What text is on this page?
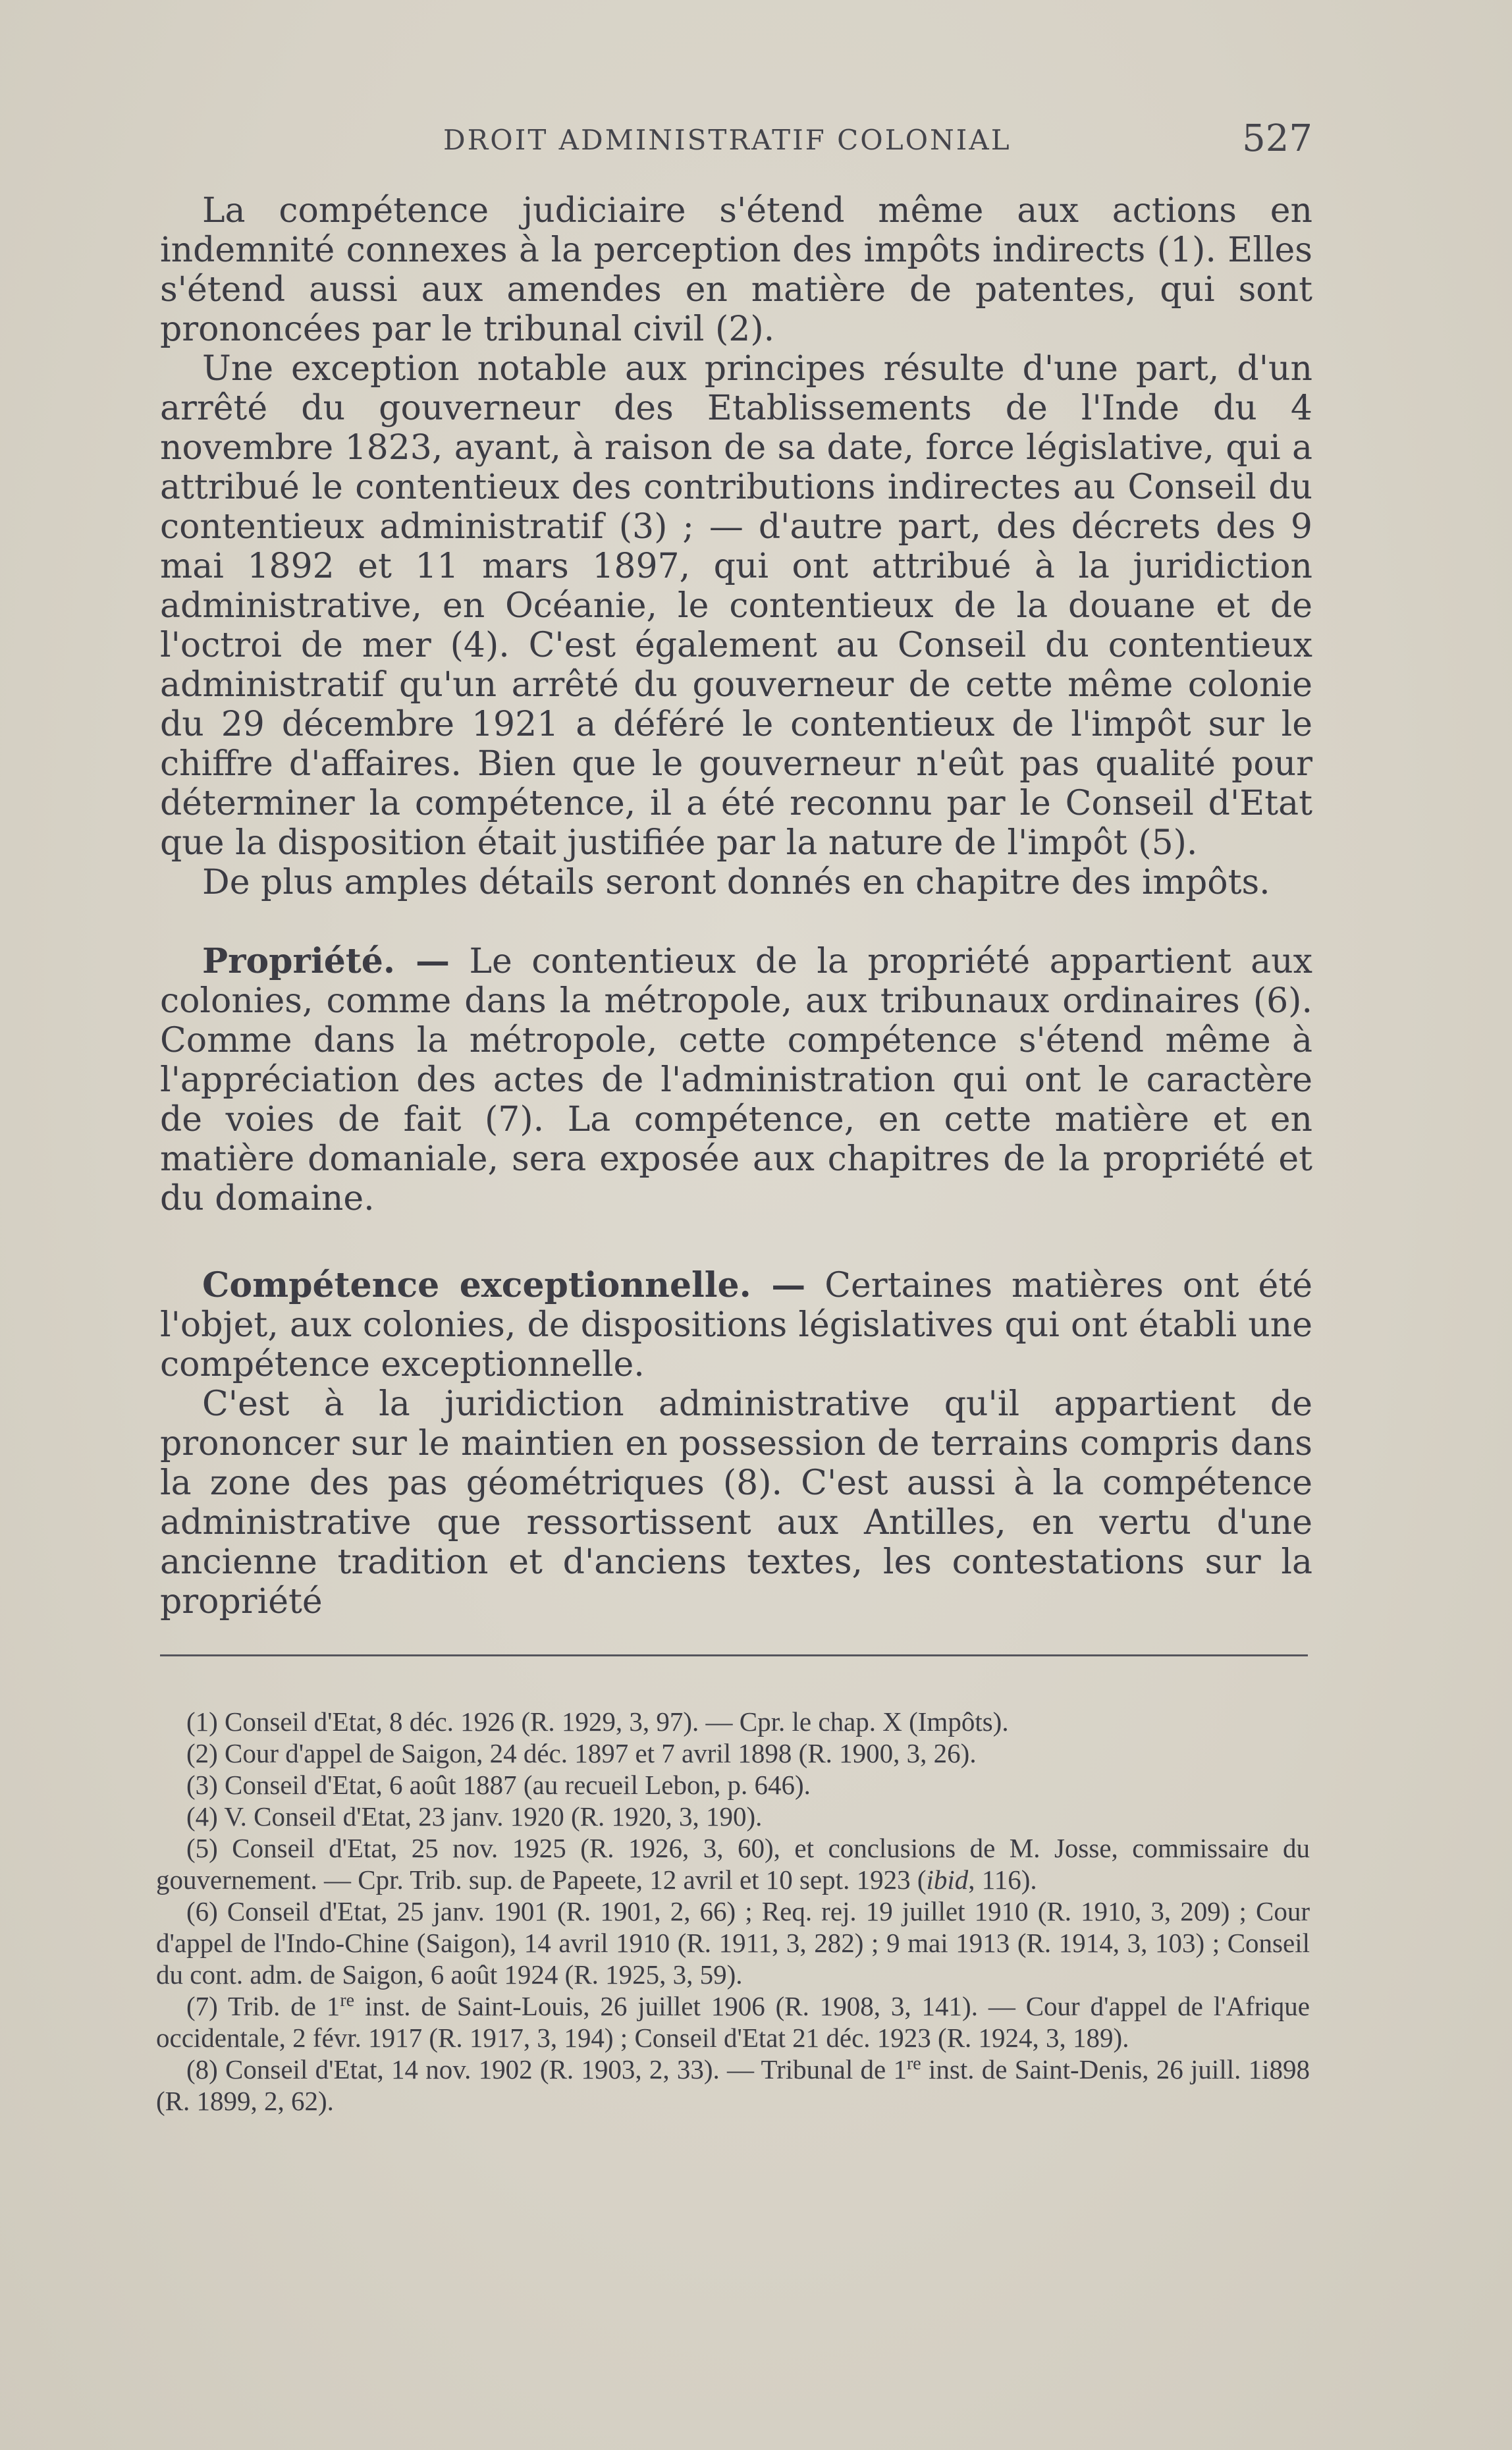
DROIT ADMINISTRATIF COLONIAL	527

La compétence judiciaire s'étend même aux actions en indemnité connexes à la perception des impôts indirects (1). Elles s'étend aussi aux amendes en matière de patentes, qui sont prononcées par le tribunal civil (2).

Une exception notable aux principes résulte d'une part, d'un arrêté du gouverneur des Etablissements de l'Inde du 4 novembre 1823, ayant, à raison de sa date, force législative, qui a attribué le contentieux des contributions indirectes au Conseil du contentieux administratif (3) ; — d'autre part, des décrets des 9 mai 1892 et 11 mars 1897, qui ont attribué à la juridiction administrative, en Océanie, le contentieux de la douane et de l'octroi de mer (4). C'est également au Conseil du contentieux administratif qu'un arrêté du gouverneur de cette même colonie du 29 décembre 1921 a déféré le contentieux de l'impôt sur le chiffre d'affaires. Bien que le gouverneur n'eût pas qualité pour déterminer la compétence, il a été reconnu par le Conseil d'Etat que la disposition était justifiée par la nature de l'impôt (5).

De plus amples détails seront donnés en chapitre des impôts.

Propriété. — Le contentieux de la propriété appartient aux colonies, comme dans la métropole, aux tribunaux ordinaires (6). Comme dans la métropole, cette compétence s'étend même à l'appréciation des actes de l'administration qui ont le caractère de voies de fait (7). La compétence, en cette matière et en matière domaniale, sera exposée aux chapitres de la propriété et du domaine.

Compétence exceptionnelle. — Certaines matières ont été l'objet, aux colonies, de dispositions législatives qui ont établi une compétence exceptionnelle.

C'est à la juridiction administrative qu'il appartient de prononcer sur le maintien en possession de terrains compris dans la zone des pas géométriques (8). C'est aussi à la compétence administrative que ressortissent aux Antilles, en vertu d'une ancienne tradition et d'anciens textes, les contestations sur la propriété

(1) Conseil d'Etat, 8 déc. 1926 (R. 1929, 3, 97). — Cpr. le chap. X (Impôts).

(2) Cour d'appel de Saigon, 24 déc. 1897 et 7 avril 1898 (R. 1900, 3, 26).

(3) Conseil d'Etat, 6 août 1887 (au recueil Lebon, p. 646).

(4) V. Conseil d'Etat, 23 janv. 1920 (R. 1920, 3, 190).

(5) Conseil d'Etat, 25 nov. 1925 (R. 1926, 3, 60), et conclusions de M. Josse, commissaire du gouvernement. — Cpr. Trib. sup. de Papeete, 12 avril et 10 sept. 1923 (ibid, 116).

(6) Conseil d'Etat, 25 janv. 1901 (R. 1901, 2, 66) ; Req. rej. 19 juillet 1910 (R. 1910, 3, 209) ; Cour d'appel de l'Indo-Chine (Saigon), 14 avril 1910 (R. 1911, 3, 282) ; 9 mai 1913 (R. 1914, 3, 103) ; Conseil du cont. adm. de Saigon, 6 août 1924 (R. 1925, 3, 59).

(7) Trib. de 1re inst. de Saint-Louis, 26 juillet 1906 (R. 1908, 3, 141). — Cour d'appel de l'Afrique occidentale, 2 févr. 1917 (R. 1917, 3, 194) ; Conseil d'Etat 21 déc. 1923 (R. 1924, 3, 189).

(8) Conseil d'Etat, 14 nov. 1902 (R. 1903, 2, 33). — Tribunal de 1re inst. de Saint-Denis, 26 juill. 1i898 (R. 1899, 2, 62).
